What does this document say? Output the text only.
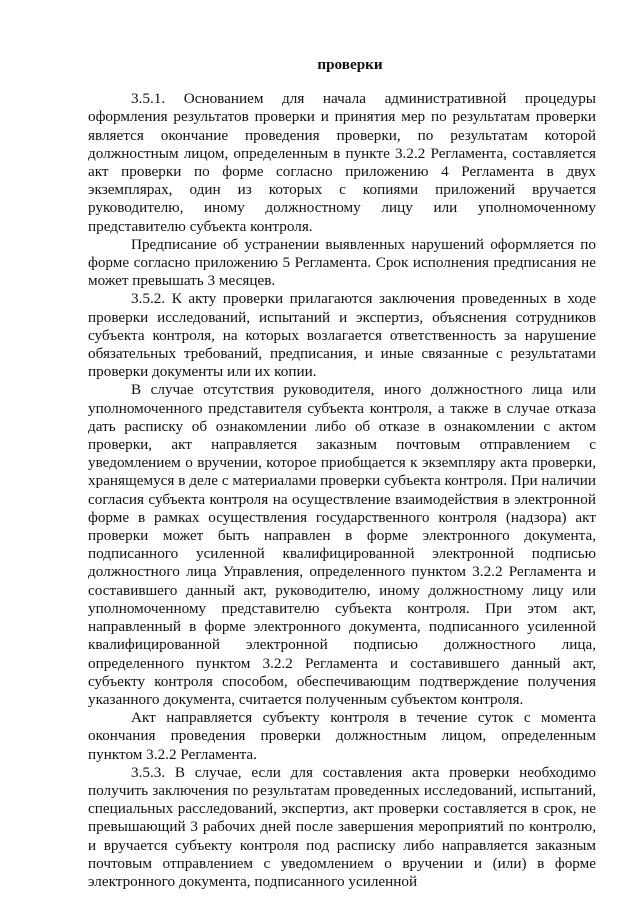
проверки

3.5.1. Основанием для начала административной процедуры оформления результатов проверки и принятия мер по результатам проверки является окончание проведения проверки, по результатам которой должностным лицом, определенным в пункте 3.2.2 Регламента, составляется акт проверки по форме согласно приложению 4 Регламента в двух экземплярах, один из которых с копиями приложений вручается руководителю, иному должностному лицу или уполномоченному представителю субъекта контроля.

Предписание об устранении выявленных нарушений оформляется по форме согласно приложению 5 Регламента. Срок исполнения предписания не может превышать 3 месяцев.

3.5.2. К акту проверки прилагаются заключения проведенных в ходе проверки исследований, испытаний и экспертиз, объяснения сотрудников субъекта контроля, на которых возлагается ответственность за нарушение обязательных требований, предписания, и иные связанные с результатами проверки документы или их копии.

В случае отсутствия руководителя, иного должностного лица или уполномоченного представителя субъекта контроля, а также в случае отказа дать расписку об ознакомлении либо об отказе в ознакомлении с актом проверки, акт направляется заказным почтовым отправлением с уведомлением о вручении, которое приобщается к экземпляру акта проверки, хранящемуся в деле с материалами проверки субъекта контроля. При наличии согласия субъекта контроля на осуществление взаимодействия в электронной форме в рамках осуществления государственного контроля (надзора) акт проверки может быть направлен в форме электронного документа, подписанного усиленной квалифицированной электронной подписью должностного лица Управления, определенного пунктом 3.2.2 Регламента и составившего данный акт, руководителю, иному должностному лицу или уполномоченному представителю субъекта контроля. При этом акт, направленный в форме электронного документа, подписанного усиленной квалифицированной электронной подписью должностного лица, определенного пунктом 3.2.2 Регламента и составившего данный акт, субъекту контроля способом, обеспечивающим подтверждение получения указанного документа, считается полученным субъектом контроля.

Акт направляется субъекту контроля в течение суток с момента окончания проведения проверки должностным лицом, определенным пунктом 3.2.2 Регламента.

3.5.3. В случае, если для составления акта проверки необходимо получить заключения по результатам проведенных исследований, испытаний, специальных расследований, экспертиз, акт проверки составляется в срок, не превышающий 3 рабочих дней после завершения мероприятий по контролю, и вручается субъекту контроля под расписку либо направляется заказным почтовым отправлением с уведомлением о вручении и (или) в форме электронного документа, подписанного усиленной
